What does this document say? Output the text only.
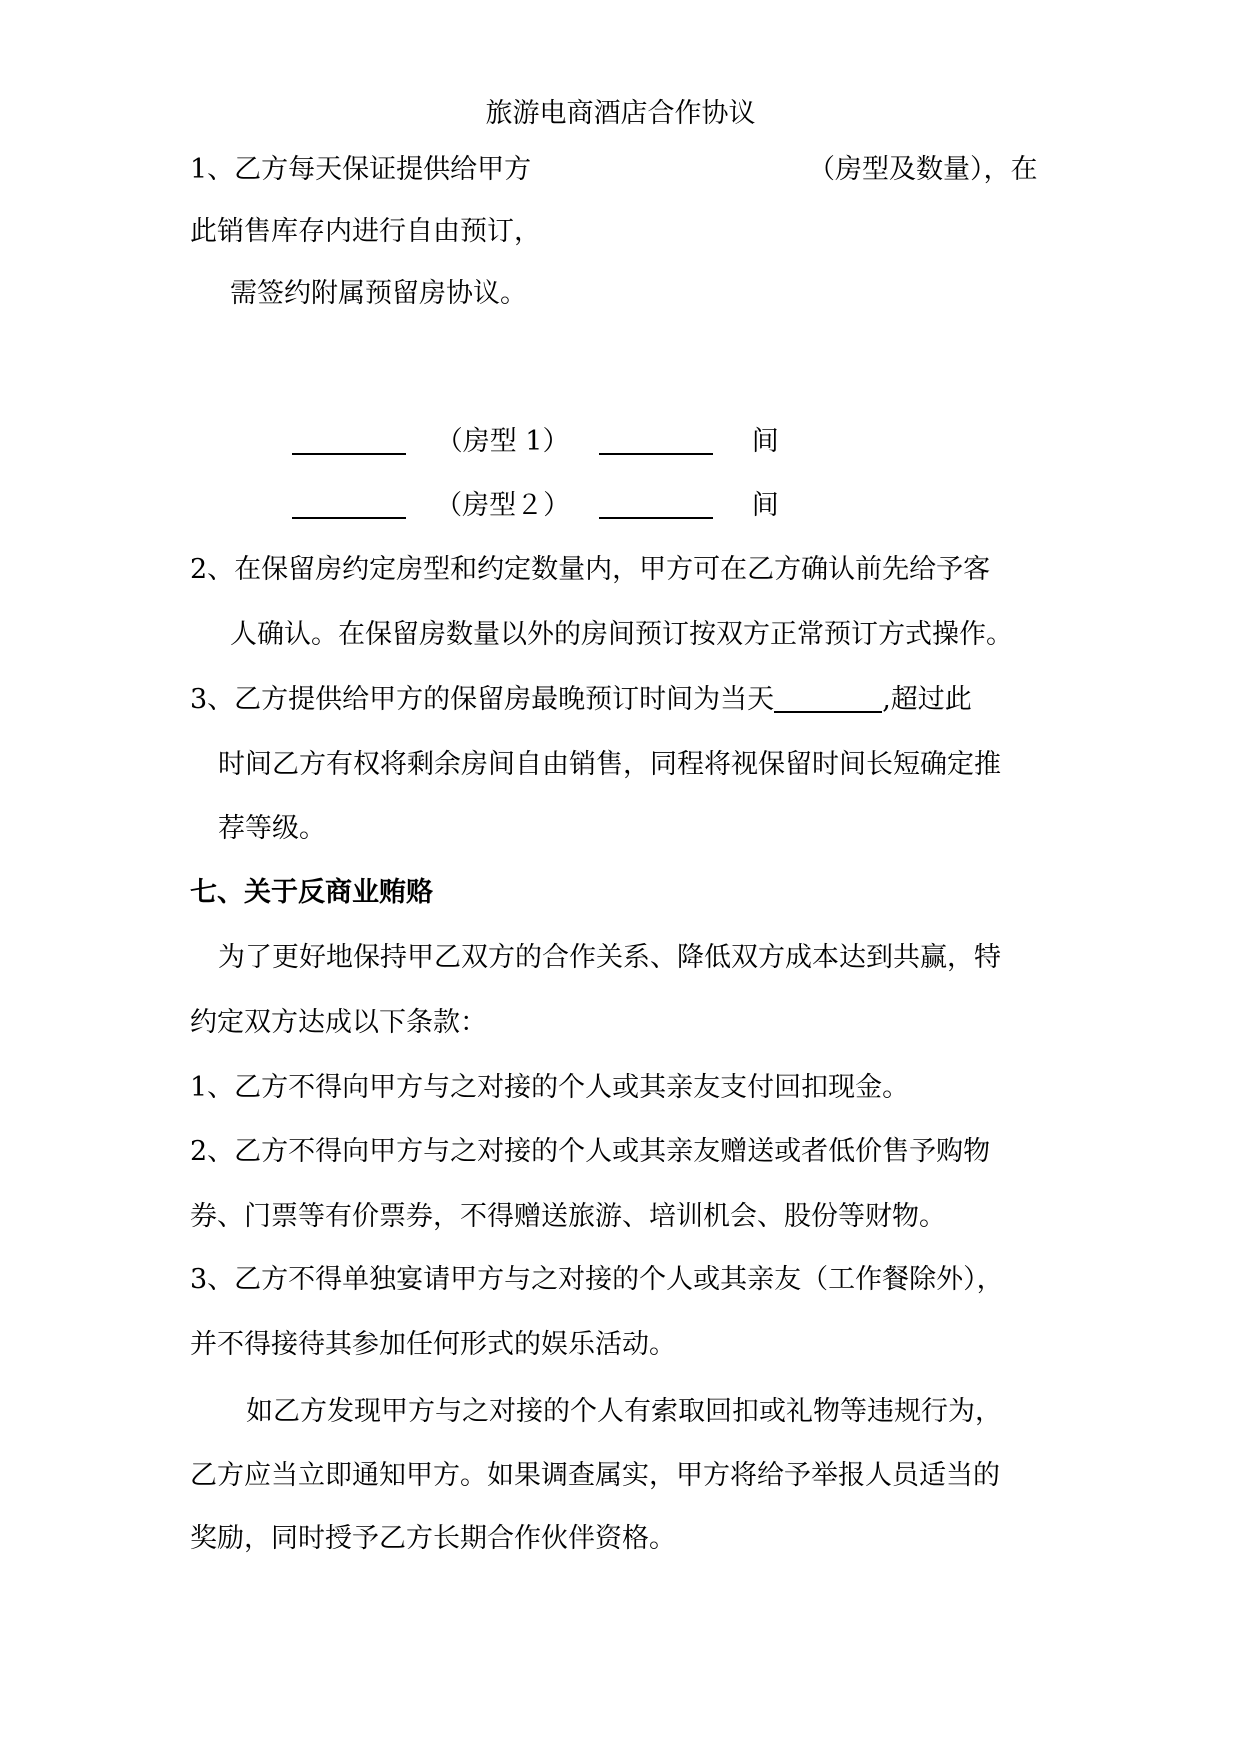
旅游电商酒店合作协议
1、乙方每天保证提供给甲方	（房型及数量），在
此销售库存内进行自由预订，
需签约附属预留房协议。
（房型 1）	间
（房型２）	间
2、在保留房约定房型和约定数量内，甲方可在乙方确认前先给予客
人确认。在保留房数量以外的房间预订按双方正常预订方式操作。
3、乙方提供给甲方的保留房最晚预订时间为当天	,超过此
时间乙方有权将剩余房间自由销售，同程将视保留时间长短确定推
荐等级。
七、关于反商业贿赂
为了更好地保持甲乙双方的合作关系、降低双方成本达到共赢，特
约定双方达成以下条款：
1、乙方不得向甲方与之对接的个人或其亲友支付回扣现金。
2、乙方不得向甲方与之对接的个人或其亲友赠送或者低价售予购物
券、门票等有价票券，不得赠送旅游、培训机会、股份等财物。
3、乙方不得单独宴请甲方与之对接的个人或其亲友（工作餐除外），
并不得接待其参加任何形式的娱乐活动。
如乙方发现甲方与之对接的个人有索取回扣或礼物等违规行为，
乙方应当立即通知甲方。如果调查属实，甲方将给予举报人员适当的
奖励，同时授予乙方长期合作伙伴资格。
